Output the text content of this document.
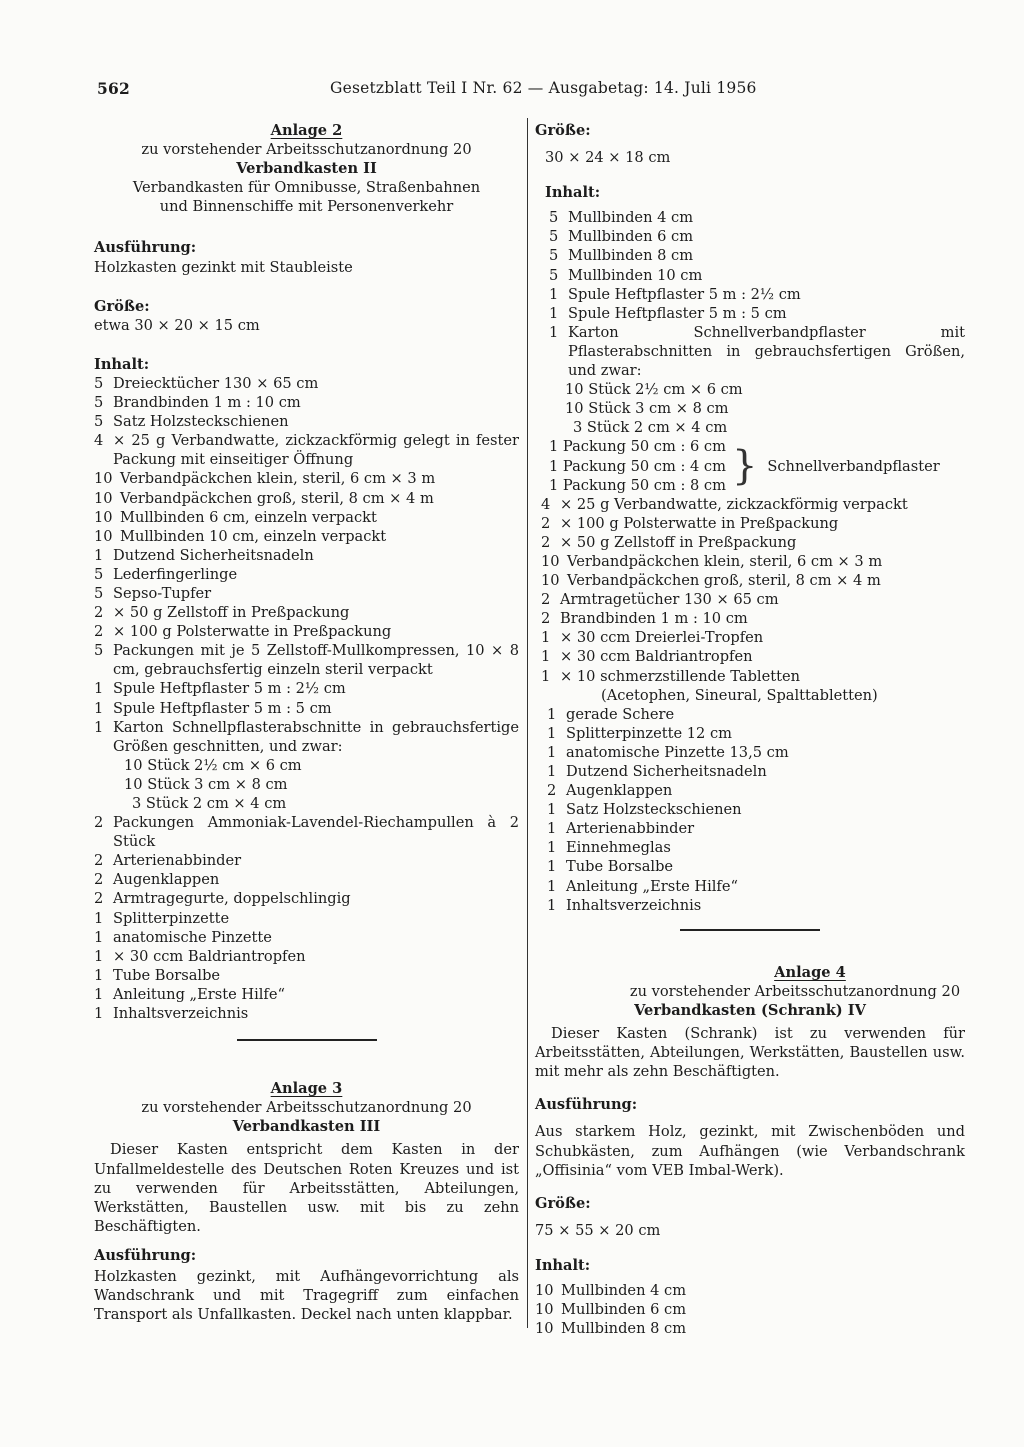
562	Gesetzblatt Teil I Nr. 62 — Ausgabetag: 14. Juli 1956

Anlage 2

zu vorstehender Arbeitsschutzanordnung 20

Verbandkasten II

Verbandkasten für Omnibusse, Straßenbahnen

und Binnenschiffe mit Personenverkehr

Ausführung:

Holzkasten gezinkt mit Staubleiste

Größe:

etwa 30 × 20 × 15 cm

Inhalt:

5 Dreiecktücher 130 × 65 cm
5 Brandbinden 1 m : 10 cm
5 Satz Holzsteckschienen
4 × 25 g Verbandwatte, zickzackförmig gelegt in fester Packung mit einseitiger Öffnung
10 Verbandpäckchen klein, steril, 6 cm × 3 m
10 Verbandpäckchen groß, steril, 8 cm × 4 m
10 Mullbinden 6 cm, einzeln verpackt
10 Mullbinden 10 cm, einzeln verpackt
1 Dutzend Sicherheitsnadeln
5 Lederfingerlinge
5 Sepso-Tupfer
2 × 50 g Zellstoff in Preßpackung
2 × 100 g Polsterwatte in Preßpackung
5 Packungen mit je 5 Zellstoff-Mullkompressen, 10 × 8 cm, gebrauchsfertig einzeln steril verpackt
1 Spule Heftpflaster 5 m : 2½ cm
1 Spule Heftpflaster 5 m : 5 cm
1 Karton Schnellpflasterabschnitte in gebrauchsfertige Größen geschnitten, und zwar:

10 Stück 2½ cm × 6 cm

10 Stück 3 cm × 8 cm

3 Stück 2 cm × 4 cm

2 Packungen Ammoniak-Lavendel-Riechampullen à 2 Stück
2 Arterienabbinder
2 Augenklappen
2 Armtragegurte, doppelschlingig
1 Splitterpinzette
1 anatomische Pinzette
1 × 30 ccm Baldriantropfen
1 Tube Borsalbe
1 Anleitung „Erste Hilfe“
1 Inhaltsverzeichnis

Anlage 3

zu vorstehender Arbeitsschutzanordnung 20

Verbandkasten III

Dieser Kasten entspricht dem Kasten in der Unfallmeldestelle des Deutschen Roten Kreuzes und ist zu verwenden für Arbeitsstätten, Abteilungen, Werkstätten, Baustellen usw. mit bis zu zehn Beschäftigten.

Ausführung:

Holzkasten gezinkt, mit Aufhängevorrichtung als Wandschrank und mit Tragegriff zum einfachen Transport als Unfallkasten. Deckel nach unten klappbar.

Größe:

30 × 24 × 18 cm

Inhalt:

5 Mullbinden 4 cm
5 Mullbinden 6 cm
5 Mullbinden 8 cm
5 Mullbinden 10 cm
1 Spule Heftpflaster 5 m : 2½ cm
1 Spule Heftpflaster 5 m : 5 cm
1 Karton Schnellverbandpflaster mit Pflasterabschnitten in gebrauchsfertigen Größen, und zwar:

10 Stück 2½ cm × 6 cm

10 Stück 3 cm × 8 cm

3 Stück 2 cm × 4 cm

1 Packung 50 cm : 6 cm

1 Packung 50 cm : 4 cm

1 Packung 50 cm : 8 cm } Schnellverbandpflaster
4 × 25 g Verbandwatte, zickzackförmig verpackt
2 × 100 g Polsterwatte in Preßpackung
2 × 50 g Zellstoff in Preßpackung
10 Verbandpäckchen klein, steril, 6 cm × 3 m
10 Verbandpäckchen groß, steril, 8 cm × 4 m
2 Armtragetücher 130 × 65 cm
2 Brandbinden 1 m : 10 cm
1 × 30 ccm Dreierlei-Tropfen
1 × 30 ccm Baldriantropfen
1 × 10 schmerzstillende Tabletten

(Acetophen, Sineural, Spalttabletten)

1 gerade Schere
1 Splitterpinzette 12 cm
1 anatomische Pinzette 13,5 cm
1 Dutzend Sicherheitsnadeln
2 Augenklappen
1 Satz Holzsteckschienen
1 Arterienabbinder
1 Einnehmeglas
1 Tube Borsalbe
1 Anleitung „Erste Hilfe“
1 Inhaltsverzeichnis

Anlage 4

zu vorstehender Arbeitsschutzanordnung 20

Verbandkasten (Schrank) IV

Dieser Kasten (Schrank) ist zu verwenden für Arbeitsstätten, Abteilungen, Werkstätten, Baustellen usw. mit mehr als zehn Beschäftigten.

Ausführung:

Aus starkem Holz, gezinkt, mit Zwischenböden und Schubkästen, zum Aufhängen (wie Verbandschrank „Offisinia“ vom VEB Imbal-Werk).

Größe:

75 × 55 × 20 cm

Inhalt:

10 Mullbinden 4 cm
10 Mullbinden 6 cm
10 Mullbinden 8 cm
